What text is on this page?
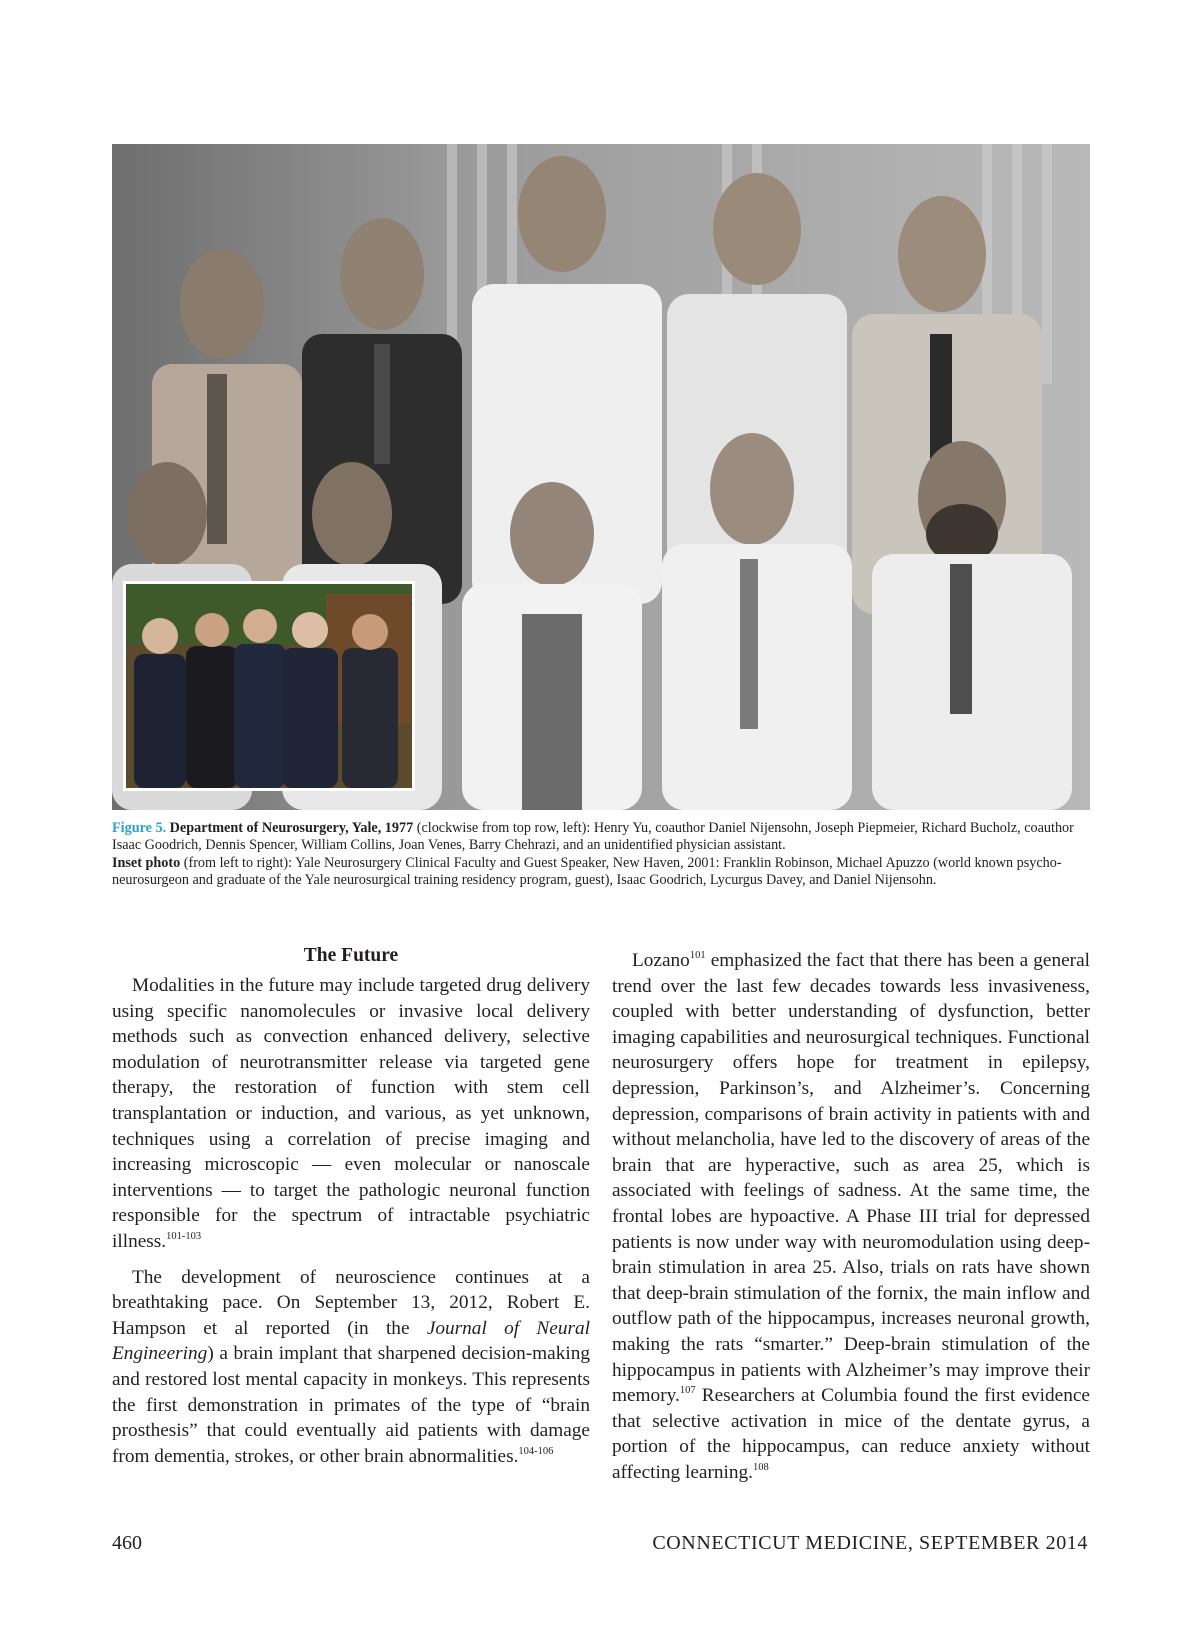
Figure 5. Department of Neurosurgery, Yale, 1977 (clockwise from top row, left): Henry Yu, coauthor Daniel Nijensohn, Joseph Piepmeier, Richard Bucholz, coauthor Isaac Goodrich, Dennis Spencer, William Collins, Joan Venes, Barry Chehrazi, and an unidentified physician assistant.
Inset photo (from left to right): Yale Neurosurgery Clinical Faculty and Guest Speaker, New Haven, 2001: Franklin Robinson, Michael Apuzzo (world known psycho-neurosurgeon and graduate of the Yale neurosurgical training residency program, guest), Isaac Goodrich, Lycurgus Davey, and Daniel Nijensohn.
The Future

Modalities in the future may include targeted drug delivery using specific nanomolecules or invasive local delivery methods such as convection enhanced delivery, selective modulation of neurotransmitter release via targeted gene therapy, the restoration of function with stem cell transplantation or induction, and various, as yet unknown, techniques using a correlation of precise imaging and increasing microscopic — even molecular or nanoscale interventions — to target the pathologic neuronal function responsible for the spectrum of intractable psychiatric illness.$^{101-103}$

The development of neuroscience continues at a breathtaking pace. On September 13, 2012, Robert E. Hampson et al reported (in the Journal of Neural Engineering) a brain implant that sharpened decision-making and restored lost mental capacity in monkeys. This represents the first demonstration in primates of the type of “brain prosthesis” that could eventually aid patients with damage from dementia, strokes, or other brain abnormalities.$^{104-106}$

Lozano$^{101}$ emphasized the fact that there has been a general trend over the last few decades towards less invasiveness, coupled with better understanding of dysfunction, better imaging capabilities and neurosurgical techniques. Functional neurosurgery offers hope for treatment in epilepsy, depression, Parkinson’s, and Alzheimer’s. Concerning depression, comparisons of brain activity in patients with and without melancholia, have led to the discovery of areas of the brain that are hyperactive, such as area 25, which is associated with feelings of sadness. At the same time, the frontal lobes are hypoactive. A Phase III trial for depressed patients is now under way with neuromodulation using deep-brain stimulation in area 25. Also, trials on rats have shown that deep-brain stimulation of the fornix, the main inflow and outflow path of the hippocampus, increases neuronal growth, making the rats “smarter.” Deep-brain stimulation of the hippocampus in patients with Alzheimer’s may improve their memory.$^{107}$ Researchers at Columbia found the first evidence that selective activation in mice of the dentate gyrus, a portion of the hippocampus, can reduce anxiety without affecting learning.$^{108}$

460	CONNECTICUT MEDICINE, SEPTEMBER 2014
